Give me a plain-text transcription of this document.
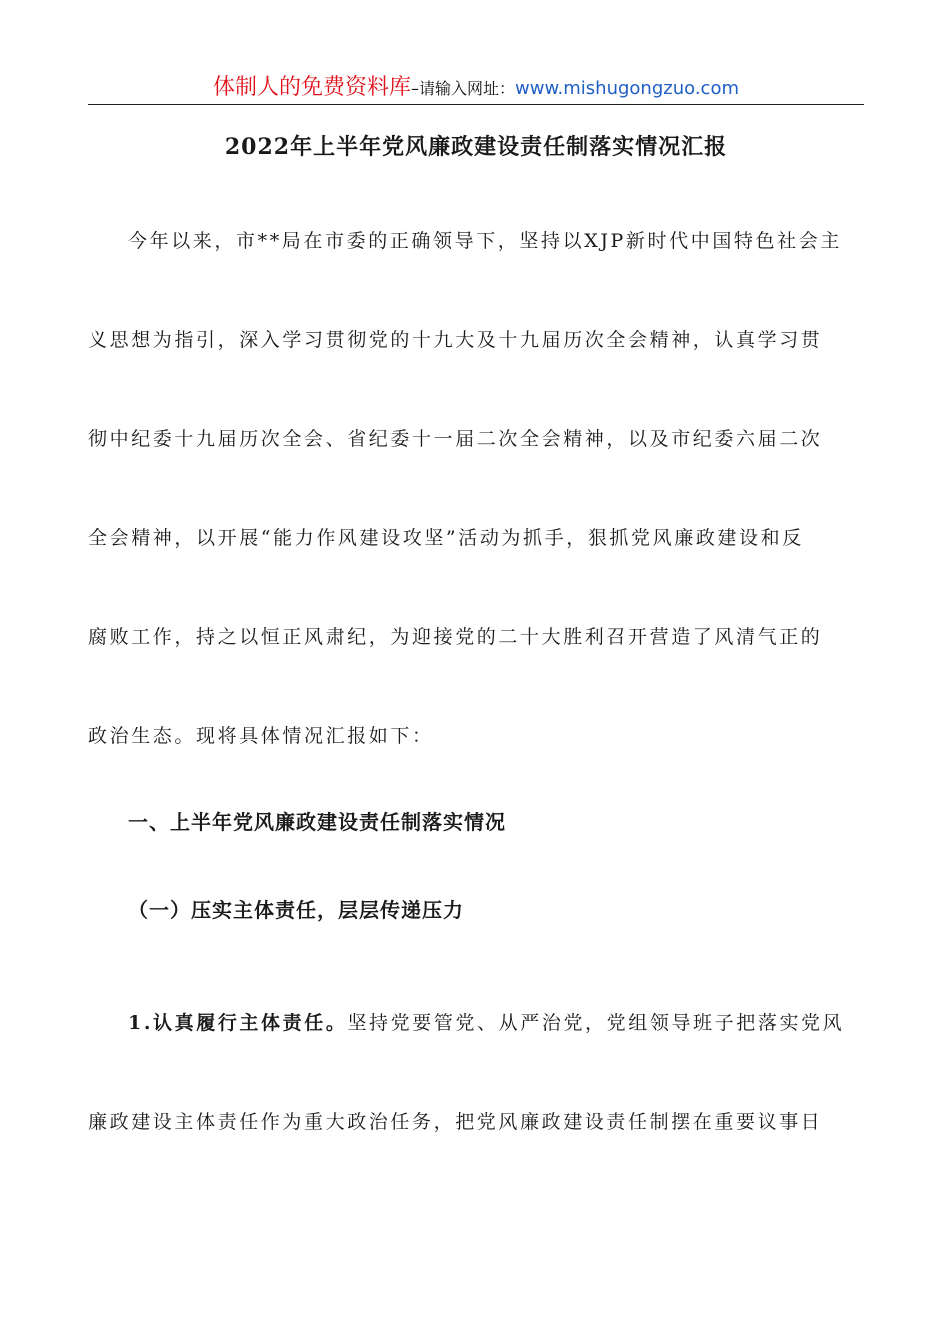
体制人的免费资料库–请输入网址：www.mishugongzuo.com
2022年上半年党风廉政建设责任制落实情况汇报
今年以来，市**局在市委的正确领导下，坚持以XJP新时代中国特色社会主
义思想为指引，深入学习贯彻党的十九大及十九届历次全会精神，认真学习贯
彻中纪委十九届历次全会、省纪委十一届二次全会精神，以及市纪委六届二次
全会精神，以开展“能力作风建设攻坚”活动为抓手，狠抓党风廉政建设和反
腐败工作，持之以恒正风肃纪，为迎接党的二十大胜利召开营造了风清气正的
政治生态。现将具体情况汇报如下：
一、上半年党风廉政建设责任制落实情况
（一）压实主体责任，层层传递压力
1.认真履行主体责任。坚持党要管党、从严治党，党组领导班子把落实党风
廉政建设主体责任作为重大政治任务，把党风廉政建设责任制摆在重要议事日
